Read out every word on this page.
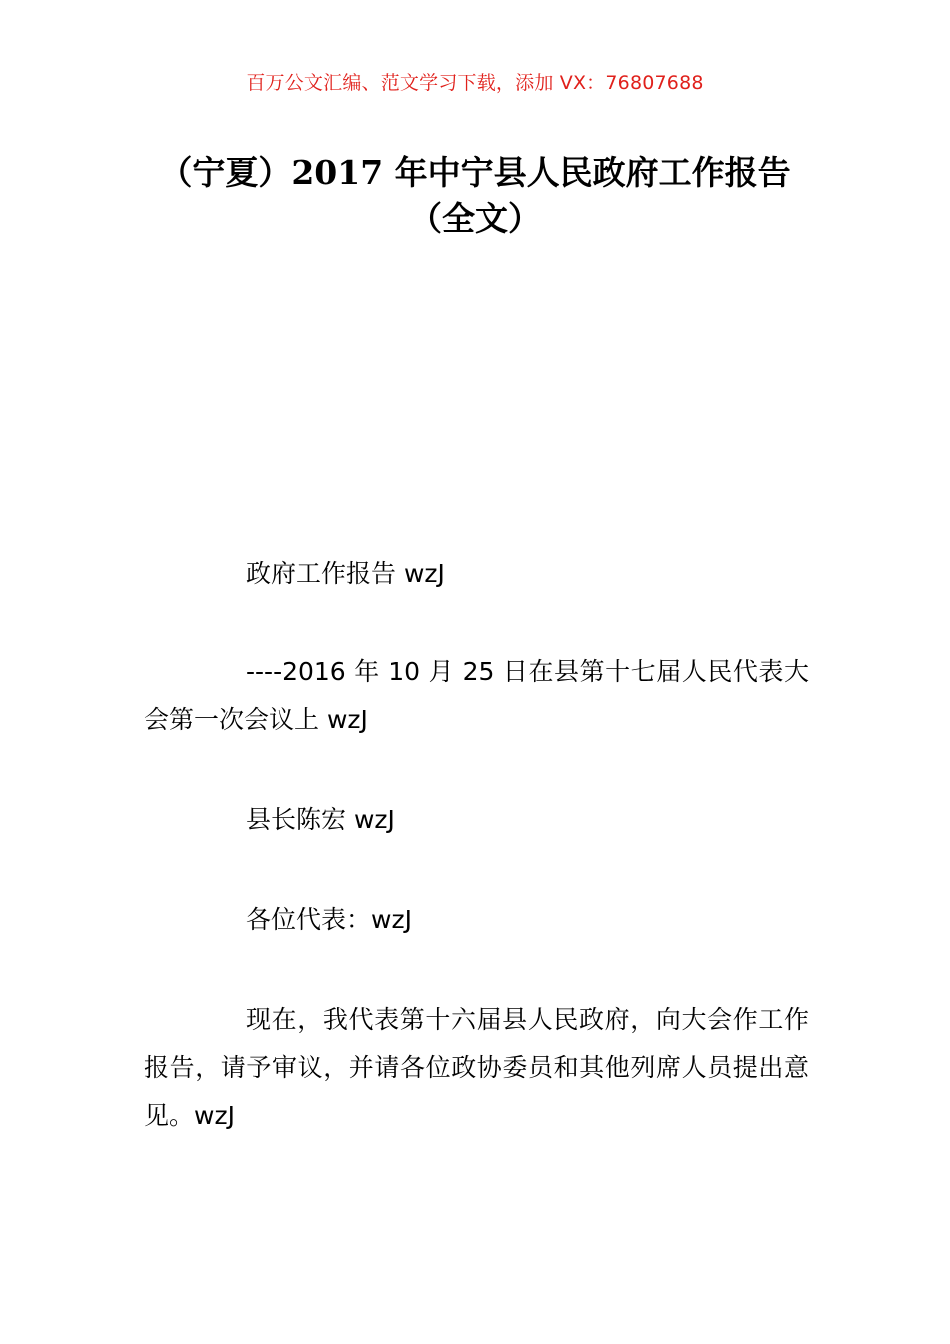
百万公文汇编、范文学习下载，添加 VX：76807688
（宁夏）2017 年中宁县人民政府工作报告
（全文）
政府工作报告 wzJ
----2016 年 10 月 25 日在县第十七届人民代表大会第一次会议上 wzJ
县长陈宏 wzJ
各位代表：wzJ
现在，我代表第十六届县人民政府，向大会作工作报告，请予审议，并请各位政协委员和其他列席人员提出意见。wzJ
